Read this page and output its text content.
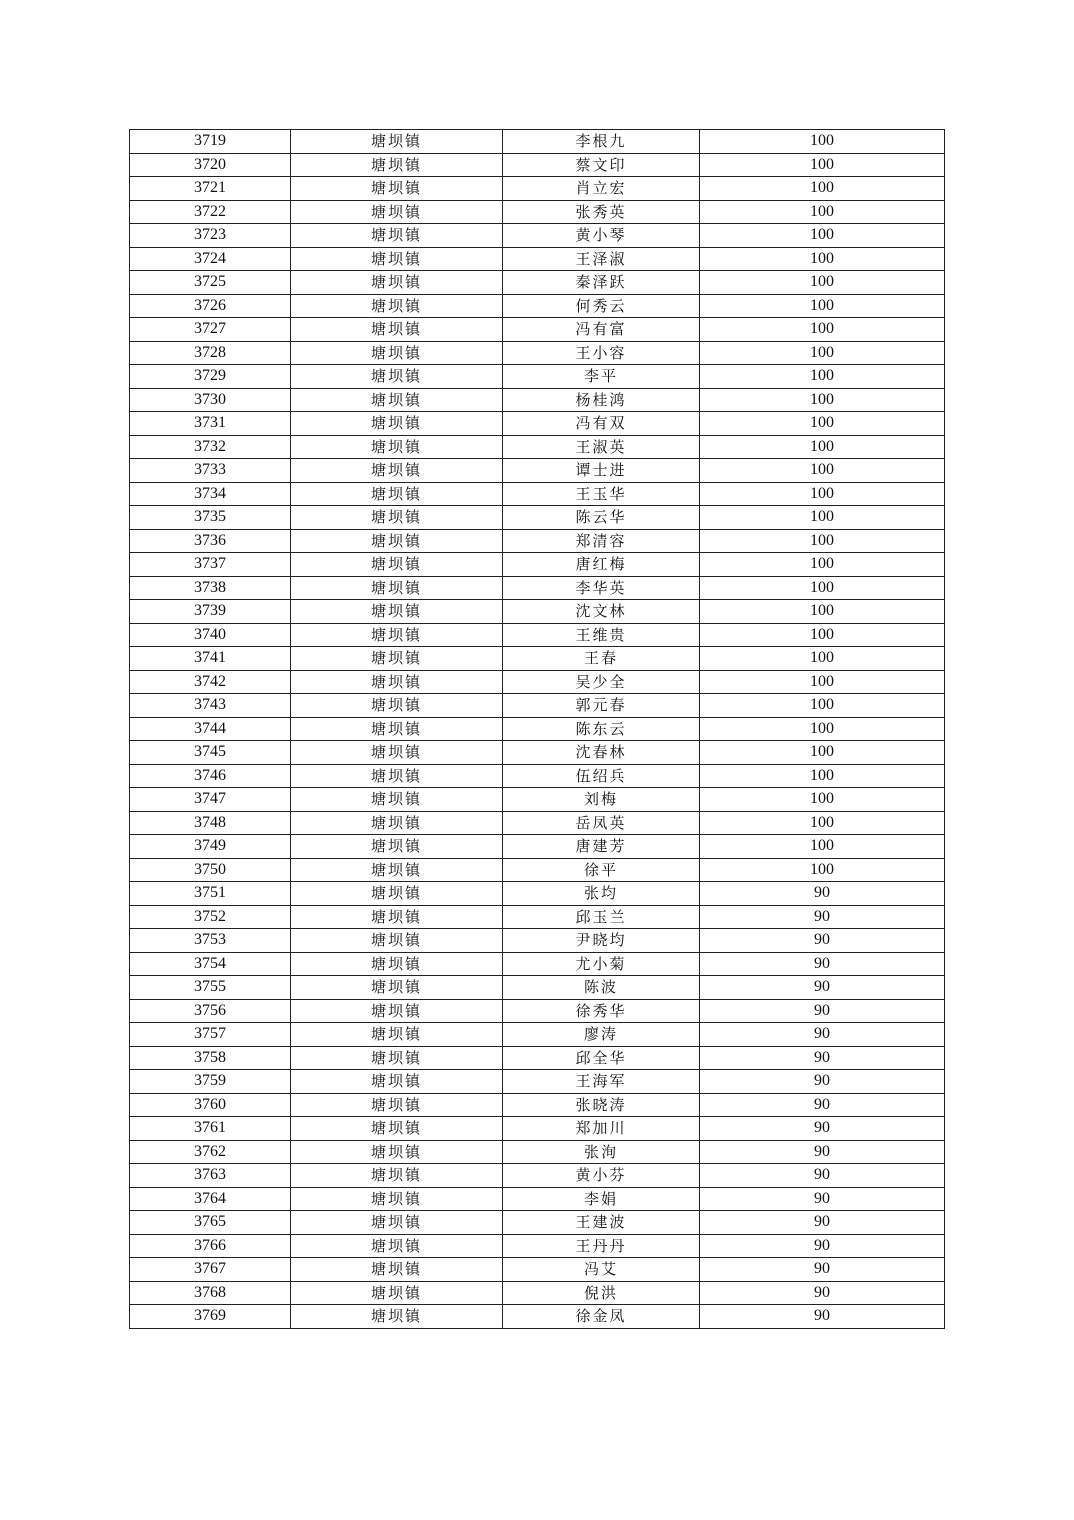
3719	塘坝镇	李根九	100
3720	塘坝镇	蔡文印	100
3721	塘坝镇	肖立宏	100
3722	塘坝镇	张秀英	100
3723	塘坝镇	黄小琴	100
3724	塘坝镇	王泽淑	100
3725	塘坝镇	秦泽跃	100
3726	塘坝镇	何秀云	100
3727	塘坝镇	冯有富	100
3728	塘坝镇	王小容	100
3729	塘坝镇	李平	100
3730	塘坝镇	杨桂鸿	100
3731	塘坝镇	冯有双	100
3732	塘坝镇	王淑英	100
3733	塘坝镇	谭士进	100
3734	塘坝镇	王玉华	100
3735	塘坝镇	陈云华	100
3736	塘坝镇	郑清容	100
3737	塘坝镇	唐红梅	100
3738	塘坝镇	李华英	100
3739	塘坝镇	沈文林	100
3740	塘坝镇	王维贵	100
3741	塘坝镇	王春	100
3742	塘坝镇	吴少全	100
3743	塘坝镇	郭元春	100
3744	塘坝镇	陈东云	100
3745	塘坝镇	沈春林	100
3746	塘坝镇	伍绍兵	100
3747	塘坝镇	刘梅	100
3748	塘坝镇	岳凤英	100
3749	塘坝镇	唐建芳	100
3750	塘坝镇	徐平	100
3751	塘坝镇	张均	90
3752	塘坝镇	邱玉兰	90
3753	塘坝镇	尹晓均	90
3754	塘坝镇	尤小菊	90
3755	塘坝镇	陈波	90
3756	塘坝镇	徐秀华	90
3757	塘坝镇	廖涛	90
3758	塘坝镇	邱全华	90
3759	塘坝镇	王海军	90
3760	塘坝镇	张晓涛	90
3761	塘坝镇	郑加川	90
3762	塘坝镇	张洵	90
3763	塘坝镇	黄小芬	90
3764	塘坝镇	李娟	90
3765	塘坝镇	王建波	90
3766	塘坝镇	王丹丹	90
3767	塘坝镇	冯艾	90
3768	塘坝镇	倪洪	90
3769	塘坝镇	徐金凤	90
